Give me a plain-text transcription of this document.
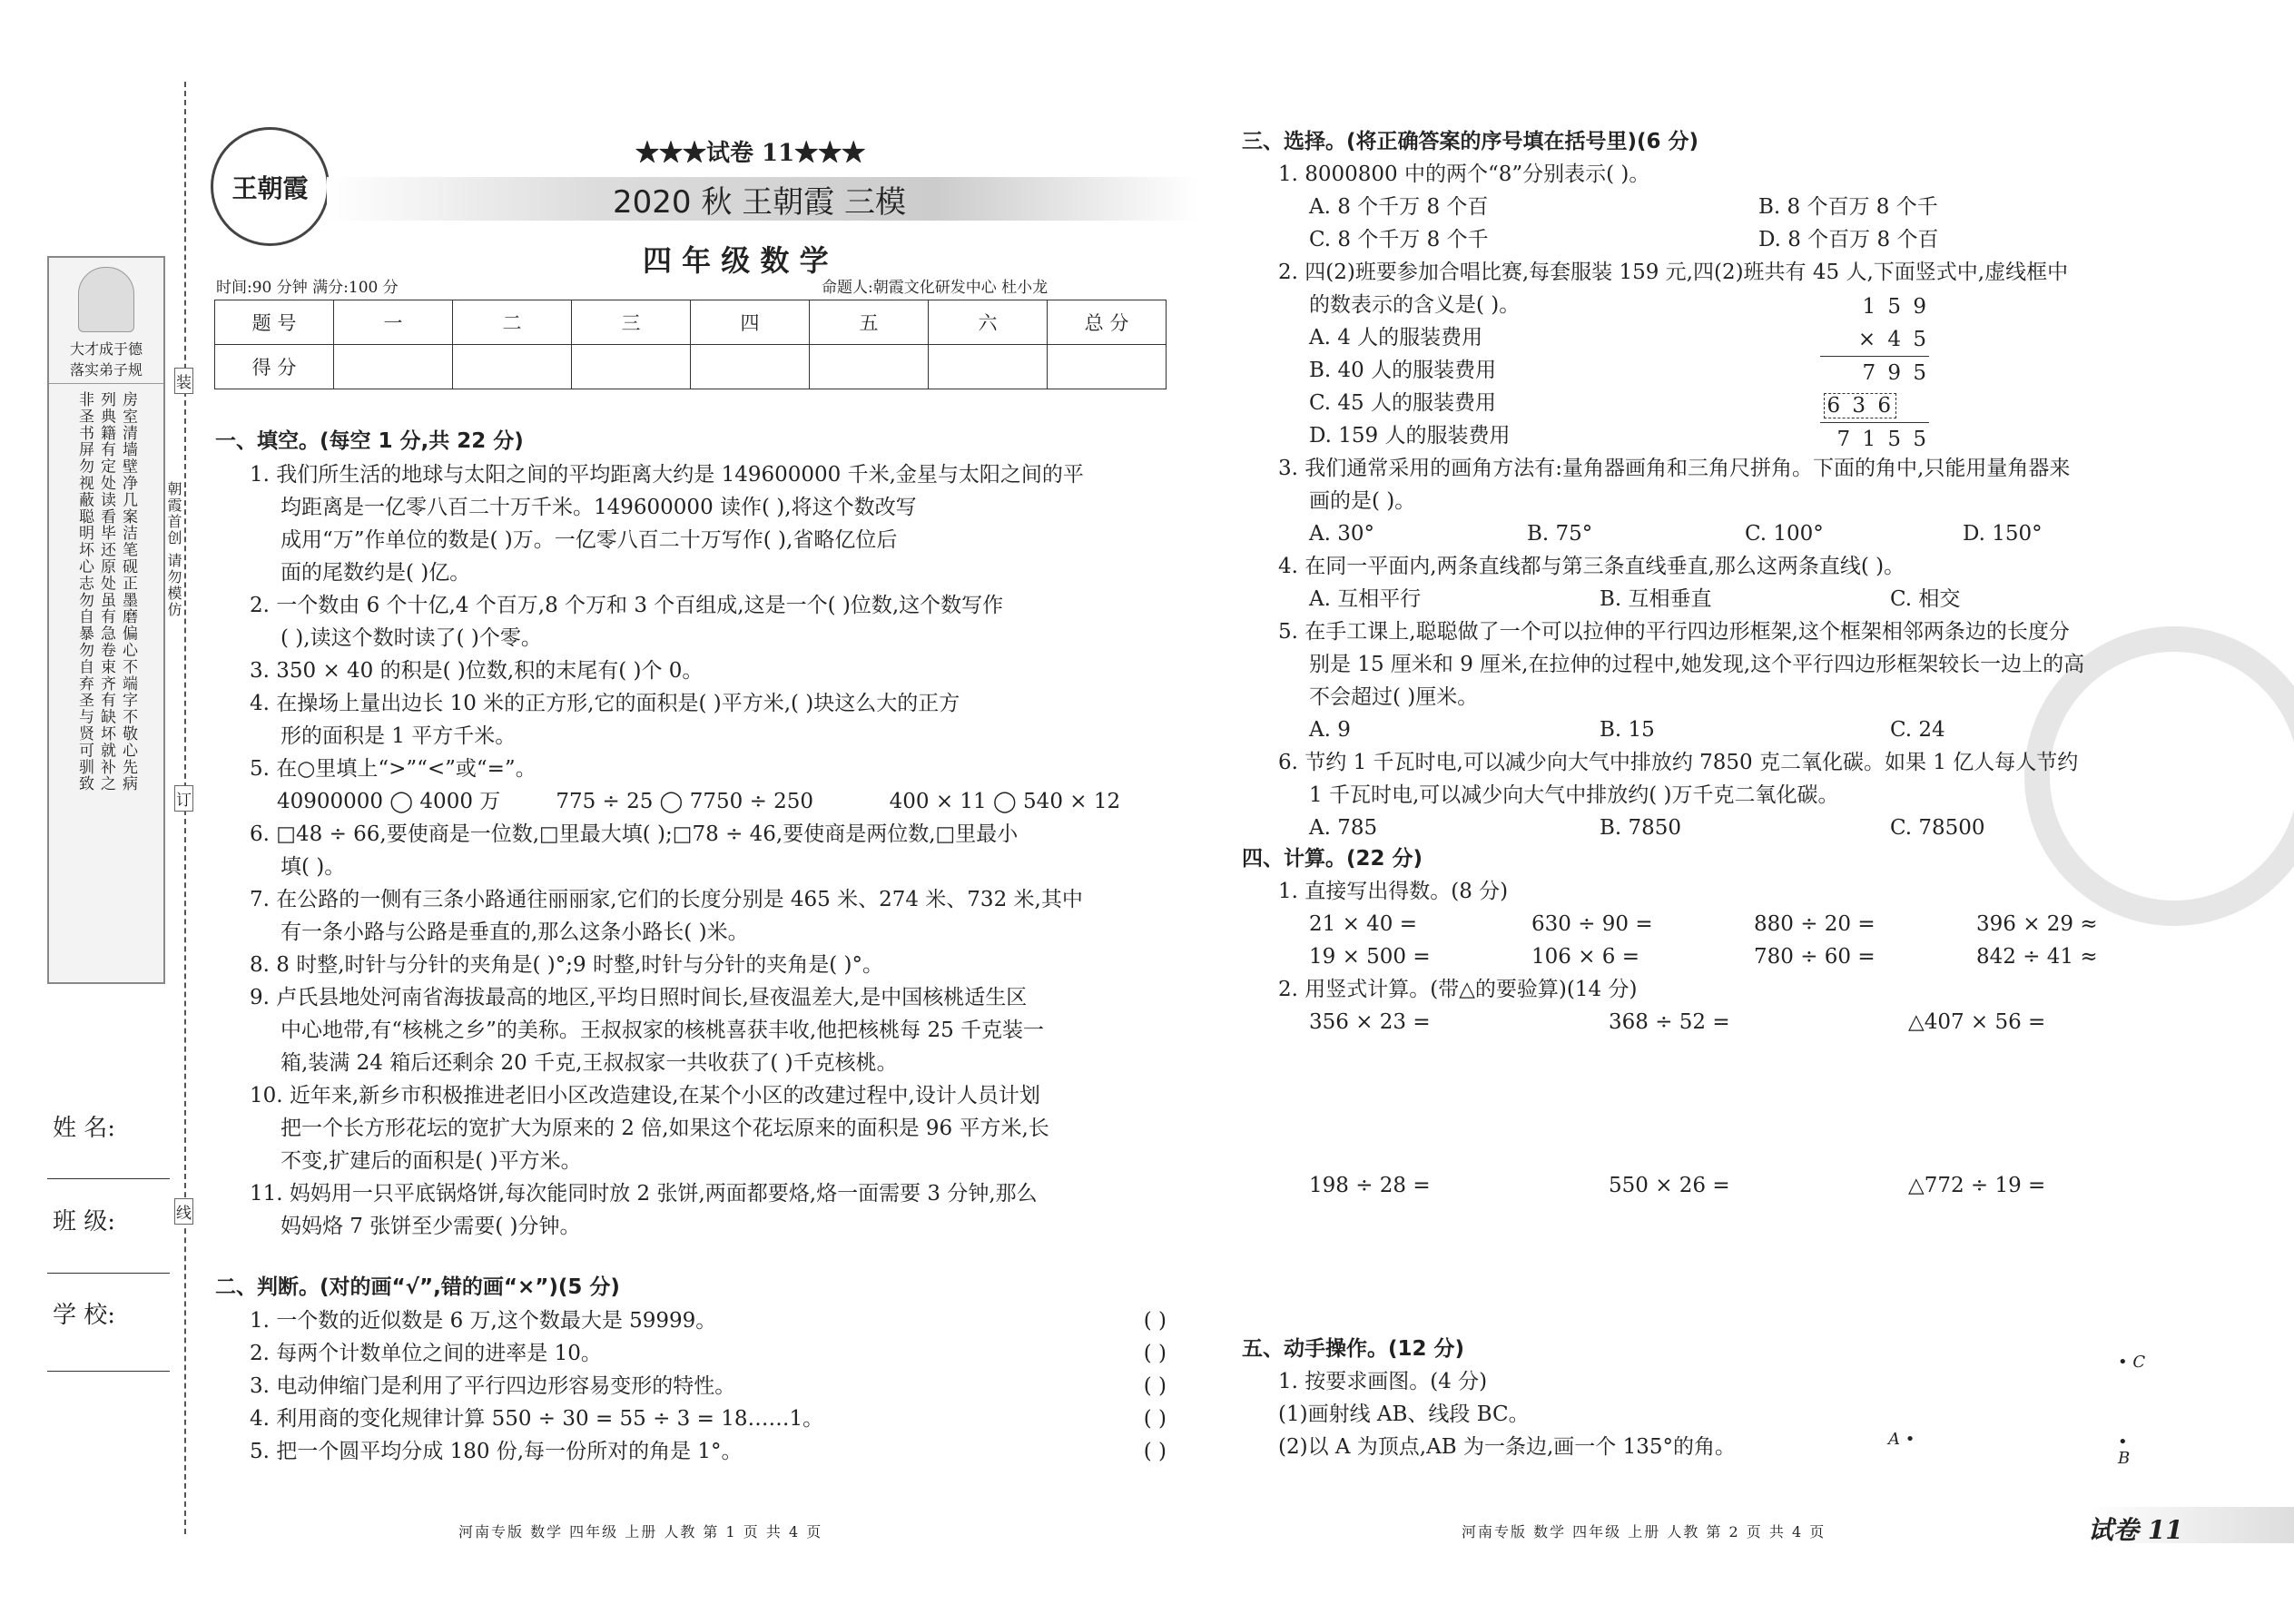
装
订
线
朝霞首创 请勿模仿
大才成于德
落实弟子规
非圣书屏勿视蔽聪明坏心志勿自暴勿自弃圣与贤可驯致 列典籍有定处读看毕还原处虽有急卷束齐有缺坏就补之 房室清墙壁净几案洁笔砚正墨磨偏心不端字不敬心先病
姓 名:
班 级:
学 校:
王朝霞
★★★试卷 11★★★
2020 秋 王朝霞 三模
四 年 级 数 学
时间:90 分钟 满分:100 分	命题人:朝霞文化研发中心 杜小龙
题 号	一	二	三	四	五	六	总 分
得 分							
一、填空。(每空 1 分,共 22 分)
1. 我们所生活的地球与太阳之间的平均距离大约是 149600000 千米,金星与太阳之间的平
均距离是一亿零八百二十万千米。149600000 读作( ),将这个数改写
成用“万”作单位的数是( )万。一亿零八百二十万写作( ),省略亿位后
面的尾数约是( )亿。
2. 一个数由 6 个十亿,4 个百万,8 个万和 3 个百组成,这是一个( )位数,这个数写作
( ),读这个数时读了( )个零。
3. 350 × 40 的积是( )位数,积的末尾有( )个 0。
4. 在操场上量出边长 10 米的正方形,它的面积是( )平方米,( )块这么大的正方
形的面积是 1 平方千米。
5. 在○里填上“>”“<”或“=”。
40900000 ◯ 4000 万	775 ÷ 25 ◯ 7750 ÷ 250	400 × 11 ◯ 540 × 12
6. □48 ÷ 66,要使商是一位数,□里最大填( );□78 ÷ 46,要使商是两位数,□里最小
填( )。
7. 在公路的一侧有三条小路通往丽丽家,它们的长度分别是 465 米、274 米、732 米,其中
有一条小路与公路是垂直的,那么这条小路长( )米。
8. 8 时整,时针与分针的夹角是( )°;9 时整,时针与分针的夹角是( )°。
9. 卢氏县地处河南省海拔最高的地区,平均日照时间长,昼夜温差大,是中国核桃适生区
中心地带,有“核桃之乡”的美称。王叔叔家的核桃喜获丰收,他把核桃每 25 千克装一
箱,装满 24 箱后还剩余 20 千克,王叔叔家一共收获了( )千克核桃。
10. 近年来,新乡市积极推进老旧小区改造建设,在某个小区的改建过程中,设计人员计划
把一个长方形花坛的宽扩大为原来的 2 倍,如果这个花坛原来的面积是 96 平方米,长
不变,扩建后的面积是( )平方米。
11. 妈妈用一只平底锅烙饼,每次能同时放 2 张饼,两面都要烙,烙一面需要 3 分钟,那么
妈妈烙 7 张饼至少需要( )分钟。
二、判断。(对的画“√”,错的画“×”)(5 分)
1. 一个数的近似数是 6 万,这个数最大是 59999。	( )
2. 每两个计数单位之间的进率是 10。	( )
3. 电动伸缩门是利用了平行四边形容易变形的特性。	( )
4. 利用商的变化规律计算 550 ÷ 30 = 55 ÷ 3 = 18……1。	( )
5. 把一个圆平均分成 180 份,每一份所对的角是 1°。	( )
河南专版 数学 四年级 上册 人教 第 1 页 共 4 页
三、选择。(将正确答案的序号填在括号里)(6 分)
1. 8000800 中的两个“8”分别表示( )。
A. 8 个千万 8 个百	B. 8 个百万 8 个千
C. 8 个千万 8 个千	D. 8 个百万 8 个百
2. 四(2)班要参加合唱比赛,每套服装 159 元,四(2)班共有 45 人,下面竖式中,虚线框中
的数表示的含义是( )。
A. 4 人的服装费用
B. 40 人的服装费用
C. 45 人的服装费用
D. 159 人的服装费用
3. 我们通常采用的画角方法有:量角器画角和三角尺拼角。下面的角中,只能用量角器来
画的是( )。
A. 30°	B. 75°	C. 100°	D. 150°
4. 在同一平面内,两条直线都与第三条直线垂直,那么这两条直线( )。
A. 互相平行	B. 互相垂直	C. 相交
5. 在手工课上,聪聪做了一个可以拉伸的平行四边形框架,这个框架相邻两条边的长度分
别是 15 厘米和 9 厘米,在拉伸的过程中,她发现,这个平行四边形框架较长一边上的高
不会超过( )厘米。
A. 9	B. 15	C. 24
6. 节约 1 千瓦时电,可以减少向大气中排放约 7850 克二氧化碳。如果 1 亿人每人节约
1 千瓦时电,可以减少向大气中排放约( )万千克二氧化碳。
A. 785	B. 7850	C. 78500
1 5 9
× 4 5
7 9 5
6 3 6
7 1 5 5
四、计算。(22 分)
1. 直接写出得数。(8 分)
21 × 40 =	630 ÷ 90 =	880 ÷ 20 =	396 × 29 ≈
19 × 500 =	106 × 6 =	780 ÷ 60 =	842 ÷ 41 ≈
2. 用竖式计算。(带△的要验算)(14 分)
356 × 23 =	368 ÷ 52 =	△407 × 56 =
198 ÷ 28 =	550 × 26 =	△772 ÷ 19 =
五、动手操作。(12 分)
1. 按要求画图。(4 分)
(1)画射线 AB、线段 BC。
(2)以 A 为顶点,AB 为一条边,画一个 135°的角。	A •	•
B
• C
河南专版 数学 四年级 上册 人教 第 2 页 共 4 页	试卷 11
